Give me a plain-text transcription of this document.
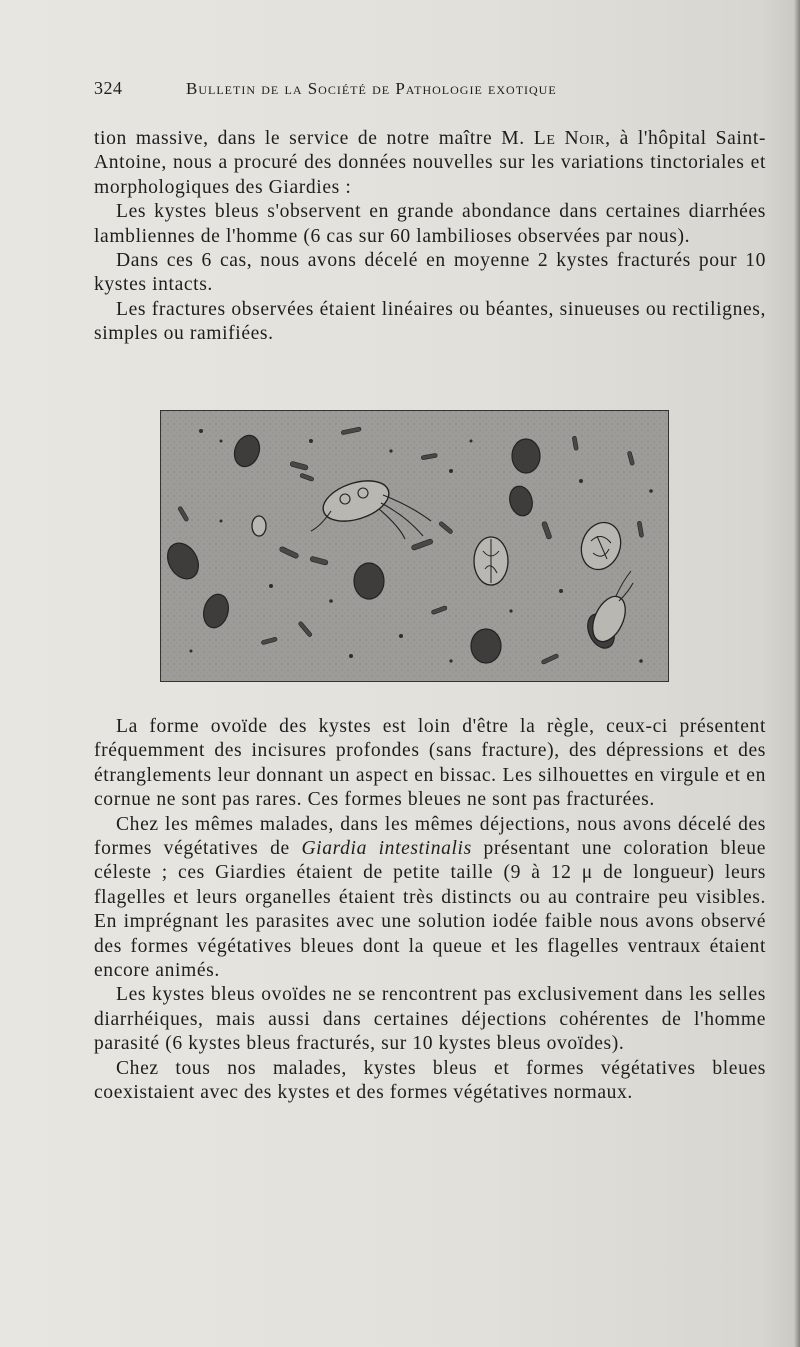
324	Bulletin de la Société de Pathologie exotique

tion massive, dans le service de notre maître M. Le Noir, à l'hôpital Saint-Antoine, nous a procuré des données nouvelles sur les variations tinctoriales et morphologiques des Giardies :

Les kystes bleus s'observent en grande abondance dans certaines diarrhées lambliennes de l'homme (6 cas sur 60 lambilioses observées par nous).

Dans ces 6 cas, nous avons décelé en moyenne 2 kystes fracturés pour 10 kystes intacts.

Les fractures observées étaient linéaires ou béantes, sinueuses ou rectilignes, simples ou ramifiées.

La forme ovoïde des kystes est loin d'être la règle, ceux-ci présentent fréquemment des incisures profondes (sans fracture), des dépressions et des étranglements leur donnant un aspect en bissac. Les silhouettes en virgule et en cornue ne sont pas rares. Ces formes bleues ne sont pas fracturées.

Chez les mêmes malades, dans les mêmes déjections, nous avons décelé des formes végétatives de Giardia intestinalis présentant une coloration bleue céleste ; ces Giardies étaient de petite taille (9 à 12 μ de longueur) leurs flagelles et leurs organelles étaient très distincts ou au contraire peu visibles. En imprégnant les parasites avec une solution iodée faible nous avons observé des formes végétatives bleues dont la queue et les flagelles ventraux étaient encore animés.

Les kystes bleus ovoïdes ne se rencontrent pas exclusivement dans les selles diarrhéiques, mais aussi dans certaines déjections cohérentes de l'homme parasité (6 kystes bleus fracturés, sur 10 kystes bleus ovoïdes).

Chez tous nos malades, kystes bleus et formes végétatives bleues coexistaient avec des kystes et des formes végétatives normaux.
